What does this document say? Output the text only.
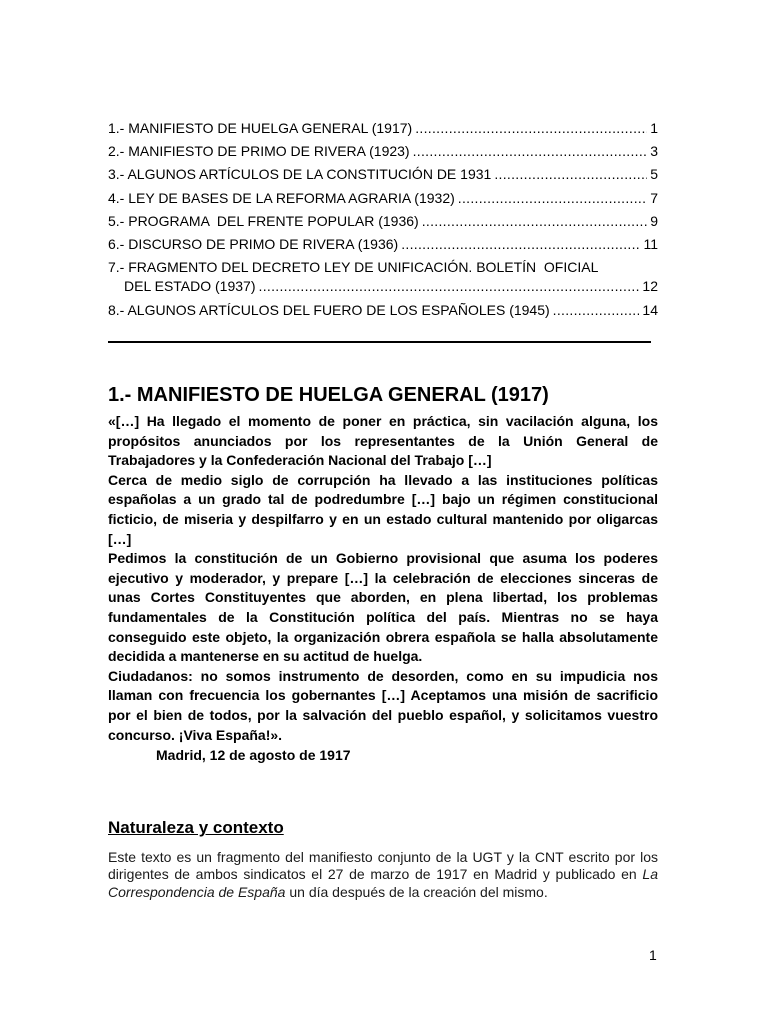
1.- MANIFIESTO DE HUELGA GENERAL (1917) .....	1
2.- MANIFIESTO DE PRIMO DE RIVERA (1923) .....	3
3.- ALGUNOS ARTÍCULOS DE LA CONSTITUCIÓN DE 1931 .....	5
4.- LEY DE BASES DE LA REFORMA AGRARIA (1932) .....	7
5.- PROGRAMA  DEL FRENTE POPULAR (1936) .....	9
6.- DISCURSO DE PRIMO DE RIVERA (1936) .....	11
7.- FRAGMENTO DEL DECRETO LEY DE UNIFICACIÓN. BOLETÍN  OFICIAL
DEL ESTADO (1937) .....	12
8.- ALGUNOS ARTÍCULOS DEL FUERO DE LOS ESPAÑOLES (1945) .....	14
1.- MANIFIESTO DE HUELGA GENERAL (1917)

«[…] Ha llegado el momento de poner en práctica, sin vacilación alguna, los propósitos anunciados por los representantes de la Unión General de Trabajadores y la Confederación Nacional del Trabajo […]

Cerca de medio siglo de corrupción ha llevado a las instituciones políticas españolas a un grado tal de podredumbre […] bajo un régimen constitucional ficticio, de miseria y despilfarro y en un estado cultural mantenido por oligarcas […]

Pedimos la constitución de un Gobierno provisional que asuma los poderes ejecutivo y moderador, y prepare […] la celebración de elecciones sinceras de unas Cortes Constituyentes que aborden, en plena libertad, los problemas fundamentales de la Constitución política del país. Mientras no se haya conseguido este objeto, la organización obrera española se halla absolutamente decidida a mantenerse en su actitud de huelga.

Ciudadanos: no somos instrumento de desorden, como en su impudicia nos llaman con frecuencia los gobernantes […] Aceptamos una misión de sacrificio por el bien de todos, por la salvación del pueblo español, y solicitamos vuestro concurso. ¡Viva España!».

Madrid, 12 de agosto de 1917

Naturaleza y contexto

Este texto es un fragmento del manifiesto conjunto de la UGT y la CNT escrito por los dirigentes de ambos sindicatos el 27 de marzo de 1917 en Madrid y publicado en La Correspondencia de España un día después de la creación del mismo.

1
